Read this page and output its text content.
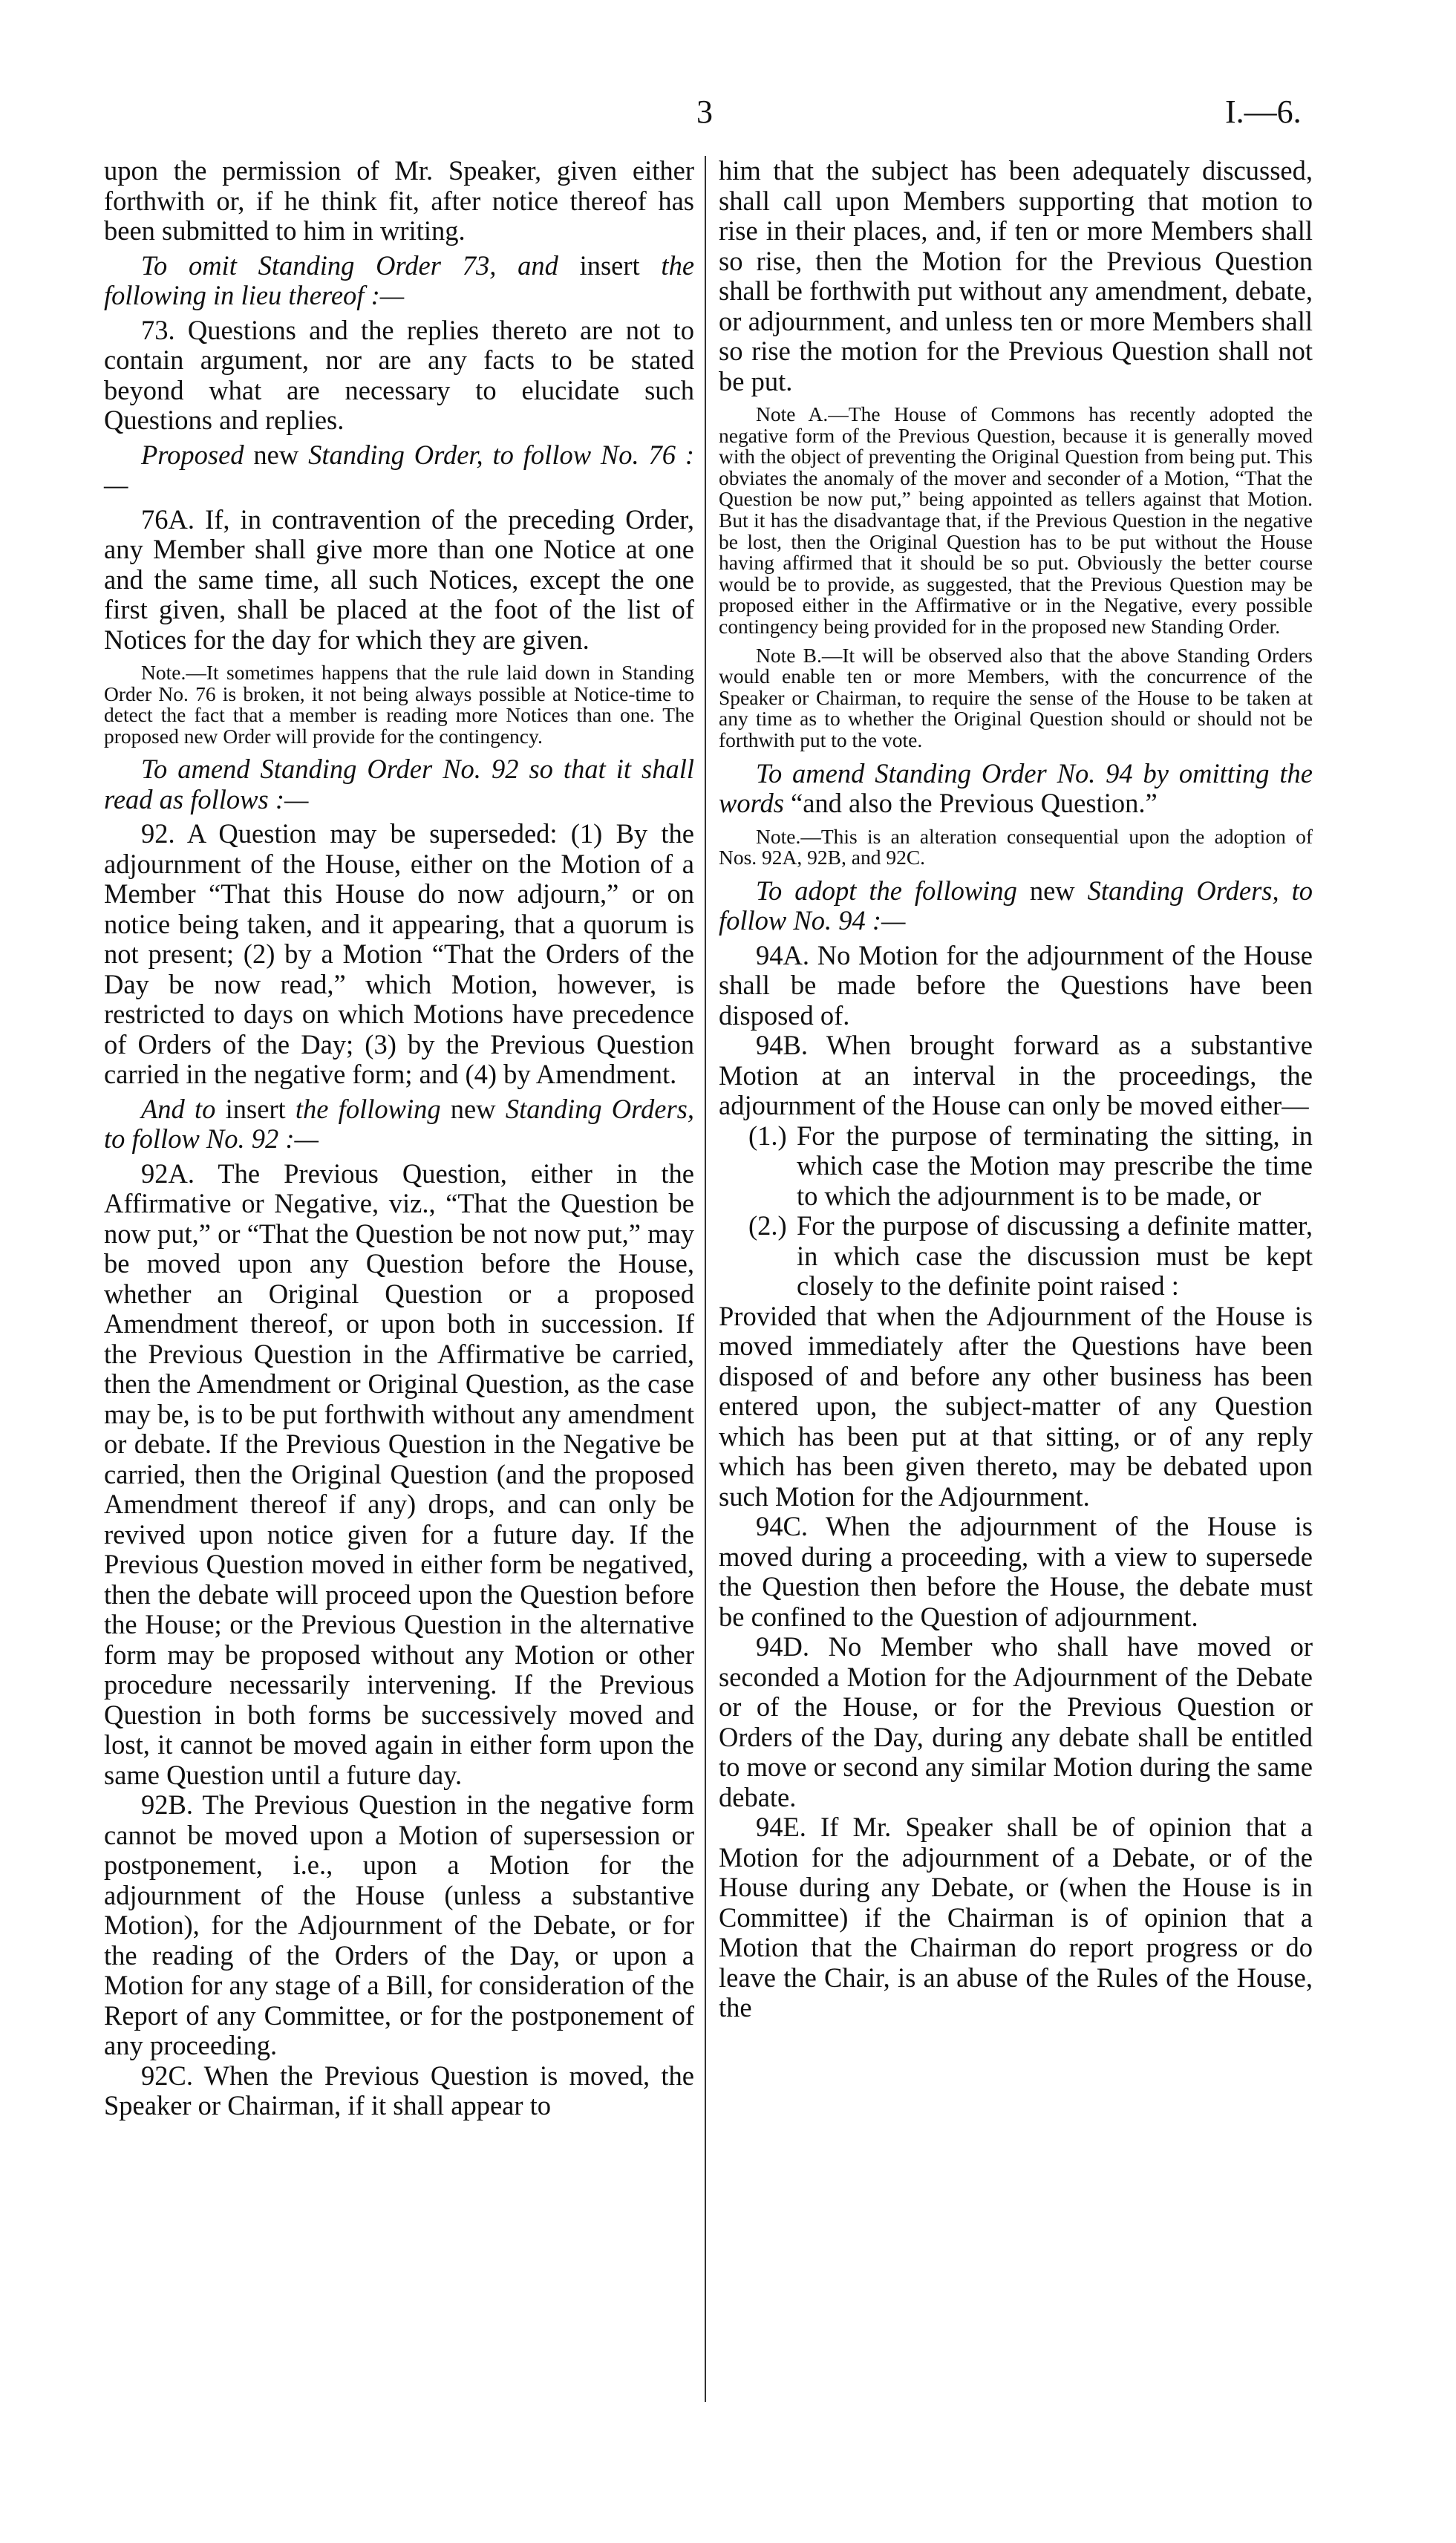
3	I.—6.

upon the permission of Mr. Speaker, given either forthwith or, if he think fit, after notice thereof has been submitted to him in writing.

To omit Standing Order 73, and insert the following in lieu thereof :—

73. Questions and the replies thereto are not to contain argument, nor are any facts to be stated beyond what are necessary to elucidate such Questions and replies.

Proposed new Standing Order, to follow No. 76 :—

76A. If, in contravention of the preceding Order, any Member shall give more than one Notice at one and the same time, all such Notices, except the one first given, shall be placed at the foot of the list of Notices for the day for which they are given.

Note.—It sometimes happens that the rule laid down in Standing Order No. 76 is broken, it not being always possible at Notice-time to detect the fact that a member is reading more Notices than one. The proposed new Order will provide for the contingency.

To amend Standing Order No. 92 so that it shall read as follows :—

92. A Question may be superseded: (1) By the adjournment of the House, either on the Motion of a Member “That this House do now adjourn,” or on notice being taken, and it appearing, that a quorum is not present; (2) by a Motion “That the Orders of the Day be now read,” which Motion, however, is restricted to days on which Motions have precedence of Orders of the Day; (3) by the Previous Question carried in the negative form; and (4) by Amendment.

And to insert the following new Standing Orders, to follow No. 92 :—

92A. The Previous Question, either in the Affirmative or Negative, viz., “That the Question be now put,” or “That the Question be not now put,” may be moved upon any Question before the House, whether an Original Question or a proposed Amendment thereof, or upon both in succession. If the Previous Question in the Affirmative be carried, then the Amendment or Original Question, as the case may be, is to be put forthwith without any amendment or debate. If the Previous Question in the Negative be carried, then the Original Question (and the proposed Amendment thereof if any) drops, and can only be revived upon notice given for a future day. If the Previous Question moved in either form be negatived, then the debate will proceed upon the Question before the House; or the Previous Question in the alternative form may be proposed without any Motion or other procedure necessarily intervening. If the Previous Question in both forms be successively moved and lost, it cannot be moved again in either form upon the same Question until a future day.

92B. The Previous Question in the negative form cannot be moved upon a Motion of supersession or postponement, i.e., upon a Motion for the adjournment of the House (unless a substantive Motion), for the Adjournment of the Debate, or for the reading of the Orders of the Day, or upon a Motion for any stage of a Bill, for consideration of the Report of any Committee, or for the postponement of any proceeding.

92C. When the Previous Question is moved, the Speaker or Chairman, if it shall appear to

him that the subject has been adequately discussed, shall call upon Members supporting that motion to rise in their places, and, if ten or more Members shall so rise, then the Motion for the Previous Question shall be forthwith put without any amendment, debate, or adjournment, and unless ten or more Members shall so rise the motion for the Previous Question shall not be put.

Note A.—The House of Commons has recently adopted the negative form of the Previous Question, because it is generally moved with the object of preventing the Original Question from being put. This obviates the anomaly of the mover and seconder of a Motion, “That the Question be now put,” being appointed as tellers against that Motion. But it has the disadvantage that, if the Previous Question in the negative be lost, then the Original Question has to be put without the House having affirmed that it should be so put. Obviously the better course would be to provide, as suggested, that the Previous Question may be proposed either in the Affirmative or in the Negative, every possible contingency being provided for in the proposed new Standing Order.

Note B.—It will be observed also that the above Standing Orders would enable ten or more Members, with the concurrence of the Speaker or Chairman, to require the sense of the House to be taken at any time as to whether the Original Question should or should not be forthwith put to the vote.

To amend Standing Order No. 94 by omitting the words “and also the Previous Question.”

Note.—This is an alteration consequential upon the adoption of Nos. 92A, 92B, and 92C.

To adopt the following new Standing Orders, to follow No. 94 :—

94A. No Motion for the adjournment of the House shall be made before the Questions have been disposed of.

94B. When brought forward as a substantive Motion at an interval in the proceedings, the adjournment of the House can only be moved either—

(1.) For the purpose of terminating the sitting, in which case the Motion may prescribe the time to which the adjournment is to be made, or
(2.) For the purpose of discussing a definite matter, in which case the discussion must be kept closely to the definite point raised :

Provided that when the Adjournment of the House is moved immediately after the Questions have been disposed of and before any other business has been entered upon, the subject-matter of any Question which has been put at that sitting, or of any reply which has been given thereto, may be debated upon such Motion for the Adjournment.

94C. When the adjournment of the House is moved during a proceeding, with a view to supersede the Question then before the House, the debate must be confined to the Question of adjournment.

94D. No Member who shall have moved or seconded a Motion for the Adjournment of the Debate or of the House, or for the Previous Question or Orders of the Day, during any debate shall be entitled to move or second any similar Motion during the same debate.

94E. If Mr. Speaker shall be of opinion that a Motion for the adjournment of a Debate, or of the House during any Debate, or (when the House is in Committee) if the Chairman is of opinion that a Motion that the Chairman do report progress or do leave the Chair, is an abuse of the Rules of the House, the
